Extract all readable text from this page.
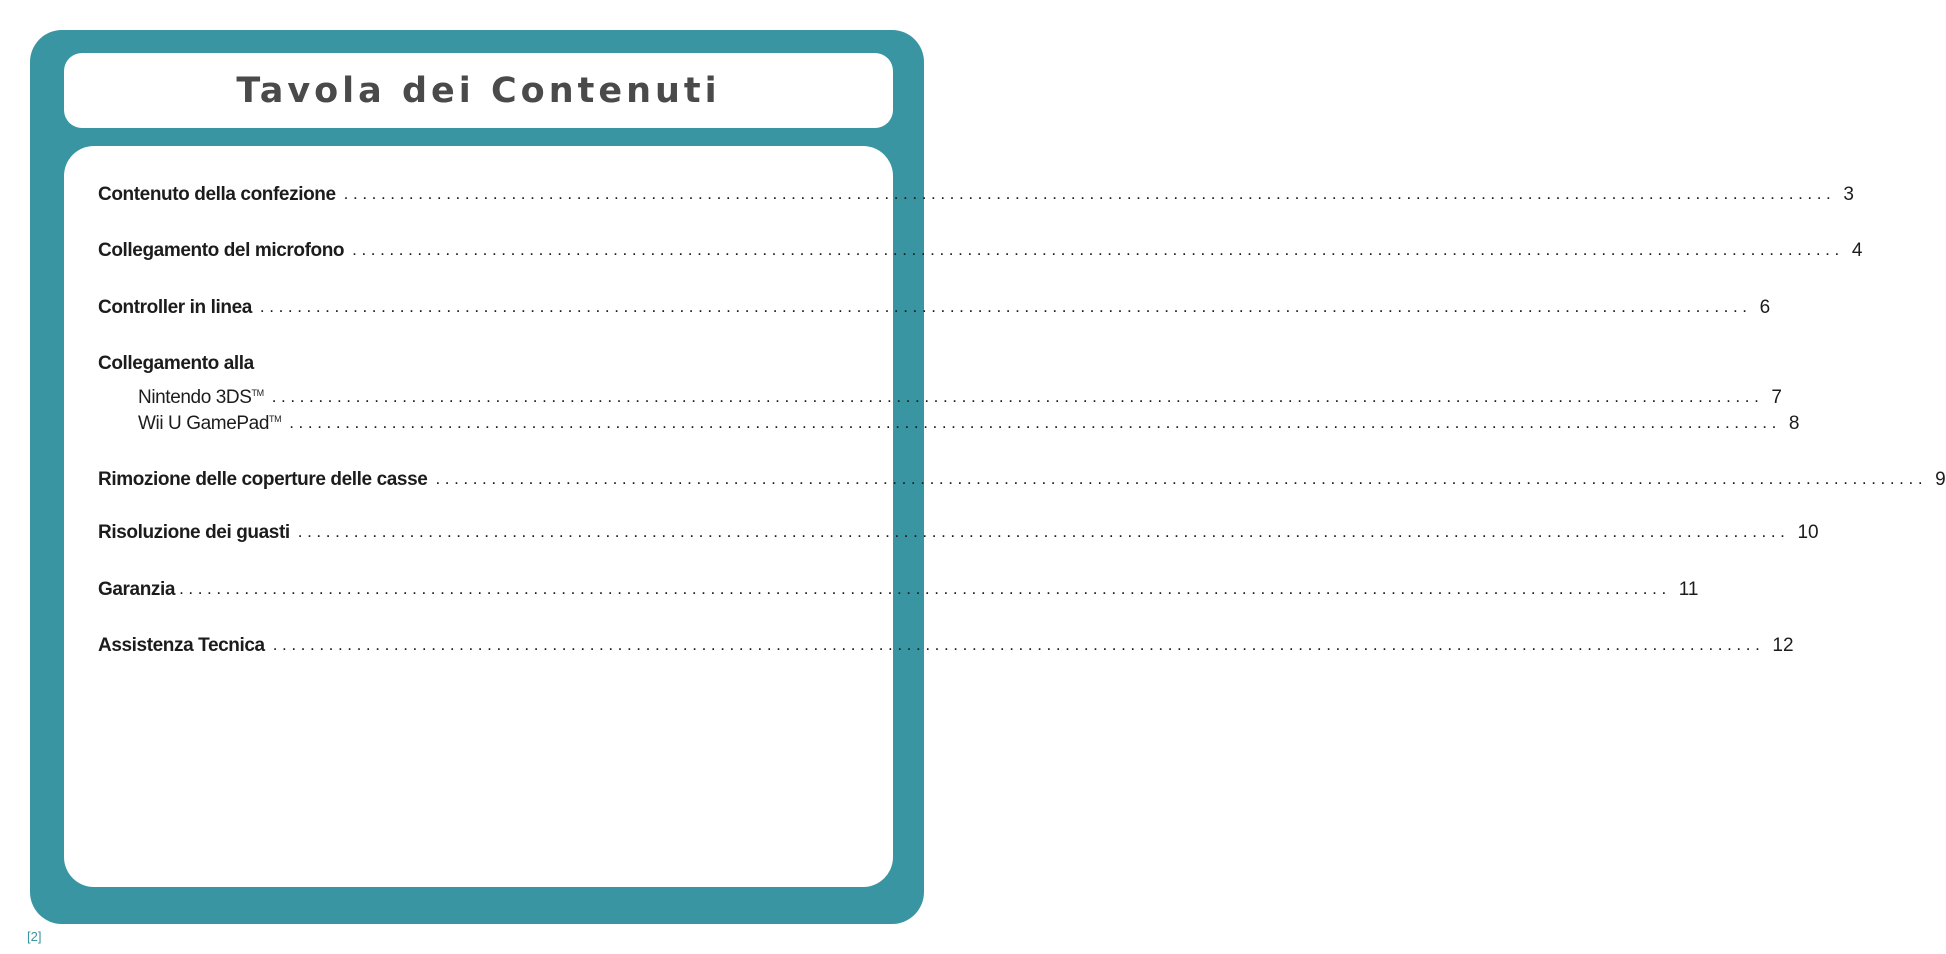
Tavola dei Contenuti
Contenuto della confezione ................................................................................................................................................................ 3
Collegamento del microfono ................................................................................................................................................................ 4
Controller in linea ................................................................................................................................................................ 6
Collegamento alla
Nintendo 3DS™ ................................................................................................................................................................ 7
Wii U GamePad™ ................................................................................................................................................................ 8
Rimozione delle coperture delle casse ................................................................................................................................................................ 9
Risoluzione dei guasti ................................................................................................................................................................ 10
Garanzia ................................................................................................................................................................ 11
Assistenza Tecnica ................................................................................................................................................................ 12
[2]
